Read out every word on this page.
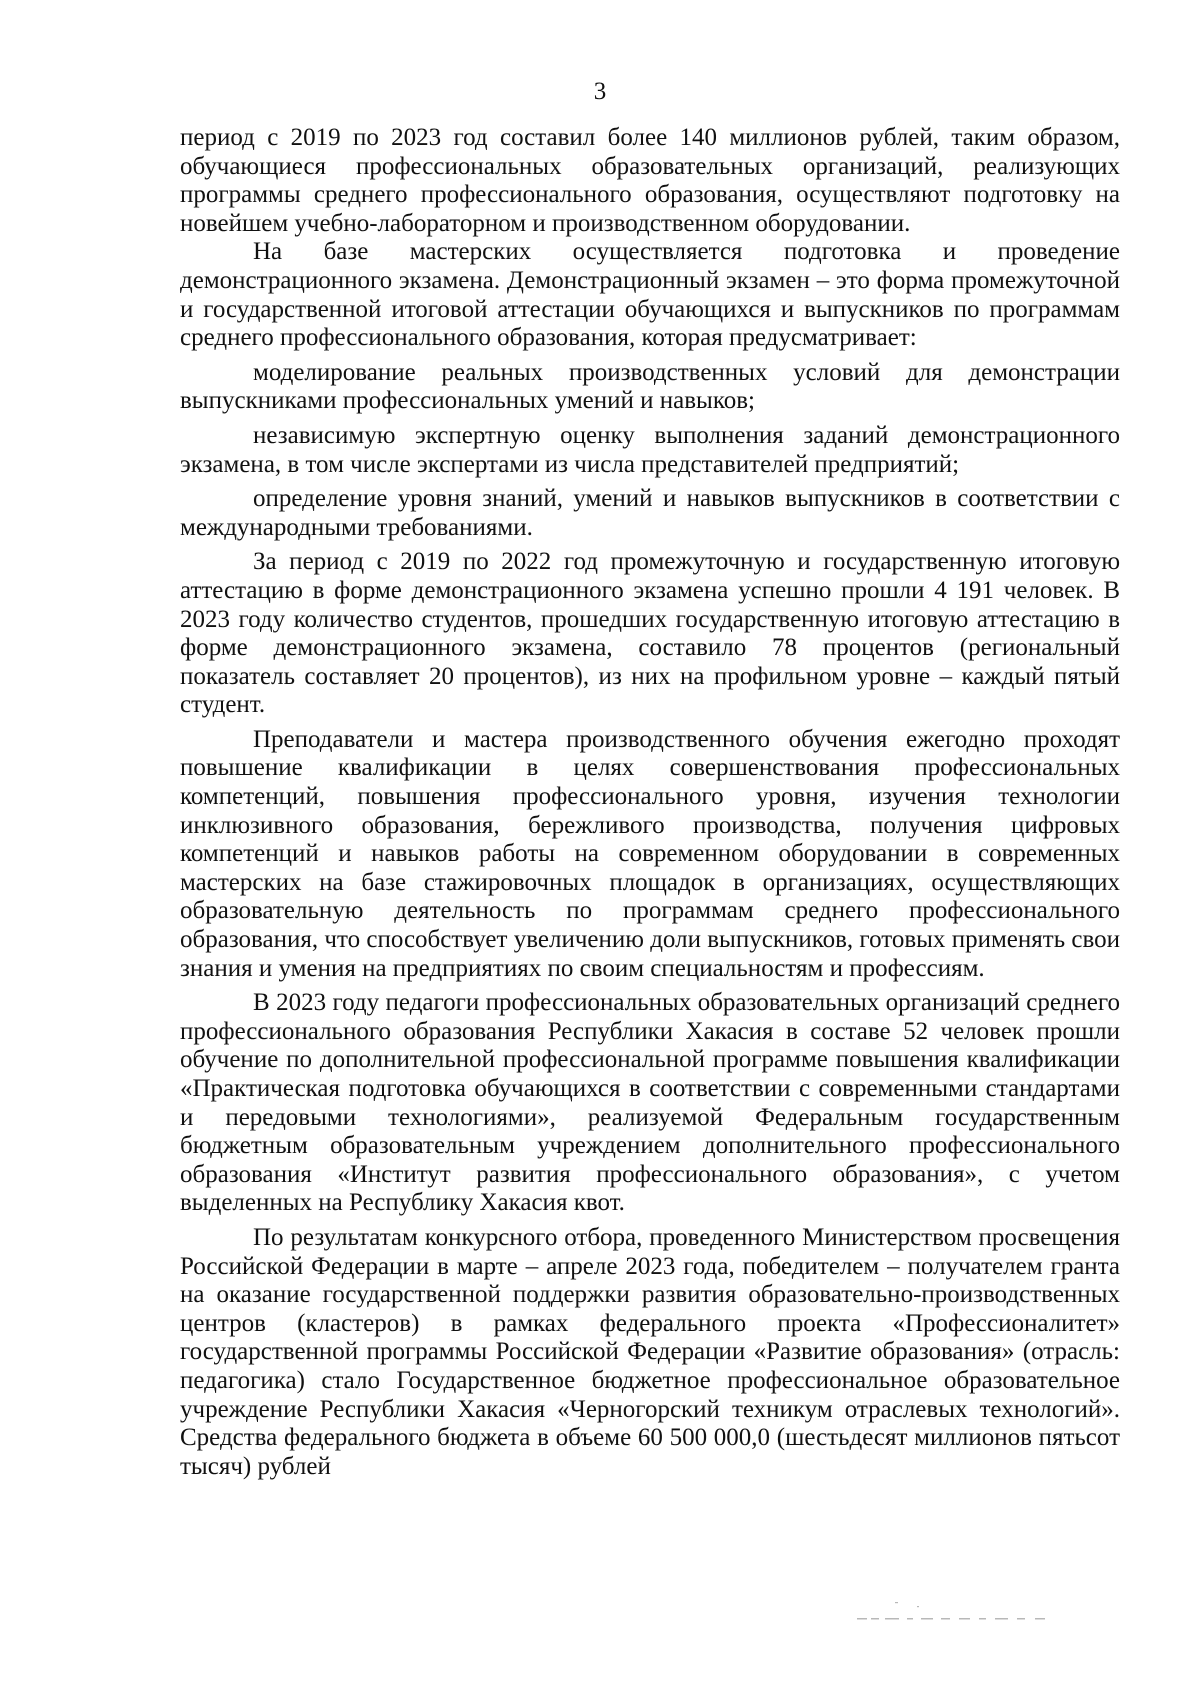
3

период с 2019 по 2023 год составил более 140 миллионов рублей, таким образом, обучающиеся профессиональных образовательных организаций, реализующих программы среднего профессионального образования, осуществляют подготовку на новейшем учебно-лабораторном и производственном оборудовании.

На базе мастерских осуществляется подготовка и проведение демонстрационного экзамена. Демонстрационный экзамен – это форма промежуточной и государственной итоговой аттестации обучающихся и выпускников по программам среднего профессионального образования, которая предусматривает:

моделирование реальных производственных условий для демонстрации выпускниками профессиональных умений и навыков;

независимую экспертную оценку выполнения заданий демонстрационного экзамена, в том числе экспертами из числа представителей предприятий;

определение уровня знаний, умений и навыков выпускников в соответствии с международными требованиями.

За период с 2019 по 2022 год промежуточную и государственную итоговую аттестацию в форме демонстрационного экзамена успешно прошли 4 191 человек. В 2023 году количество студентов, прошедших государственную итоговую аттестацию в форме демонстрационного экзамена, составило 78 процентов (региональный показатель составляет 20 процентов), из них на профильном уровне – каждый пятый студент.

Преподаватели и мастера производственного обучения ежегодно проходят повышение квалификации в целях совершенствования профессиональных компетенций, повышения профессионального уровня, изучения технологии инклюзивного образования, бережливого производства, получения цифровых компетенций и навыков работы на современном оборудовании в современных мастерских на базе стажировочных площадок в организациях, осуществляющих образовательную деятельность по программам среднего профессионального образования, что способствует увеличению доли выпускников, готовых применять свои знания и умения на предприятиях по своим специальностям и профессиям.

В 2023 году педагоги профессиональных образовательных организаций среднего профессионального образования Республики Хакасия в составе 52 человек прошли обучение по дополнительной профессиональной программе повышения квалификации «Практическая подготовка обучающихся в соответствии с современными стандартами и передовыми технологиями», реализуемой Федеральным государственным бюджетным образовательным учреждением дополнительного профессионального образования «Институт развития профессионального образования», с учетом выделенных на Республику Хакасия квот.

По результатам конкурсного отбора, проведенного Министерством просвещения Российской Федерации в марте – апреле 2023 года, победителем – получателем гранта на оказание государственной поддержки развития образовательно-производственных центров (кластеров) в рамках федерального проекта «Профессионалитет» государственной программы Российской Федерации «Развитие образования» (отрасль: педагогика) стало Государственное бюджетное профессиональное образовательное учреждение Республики Хакасия «Черногорский техникум отраслевых технологий». Средства федерального бюджета в объеме 60 500 000,0 (шестьдесят миллионов пятьсот тысяч) рублей
